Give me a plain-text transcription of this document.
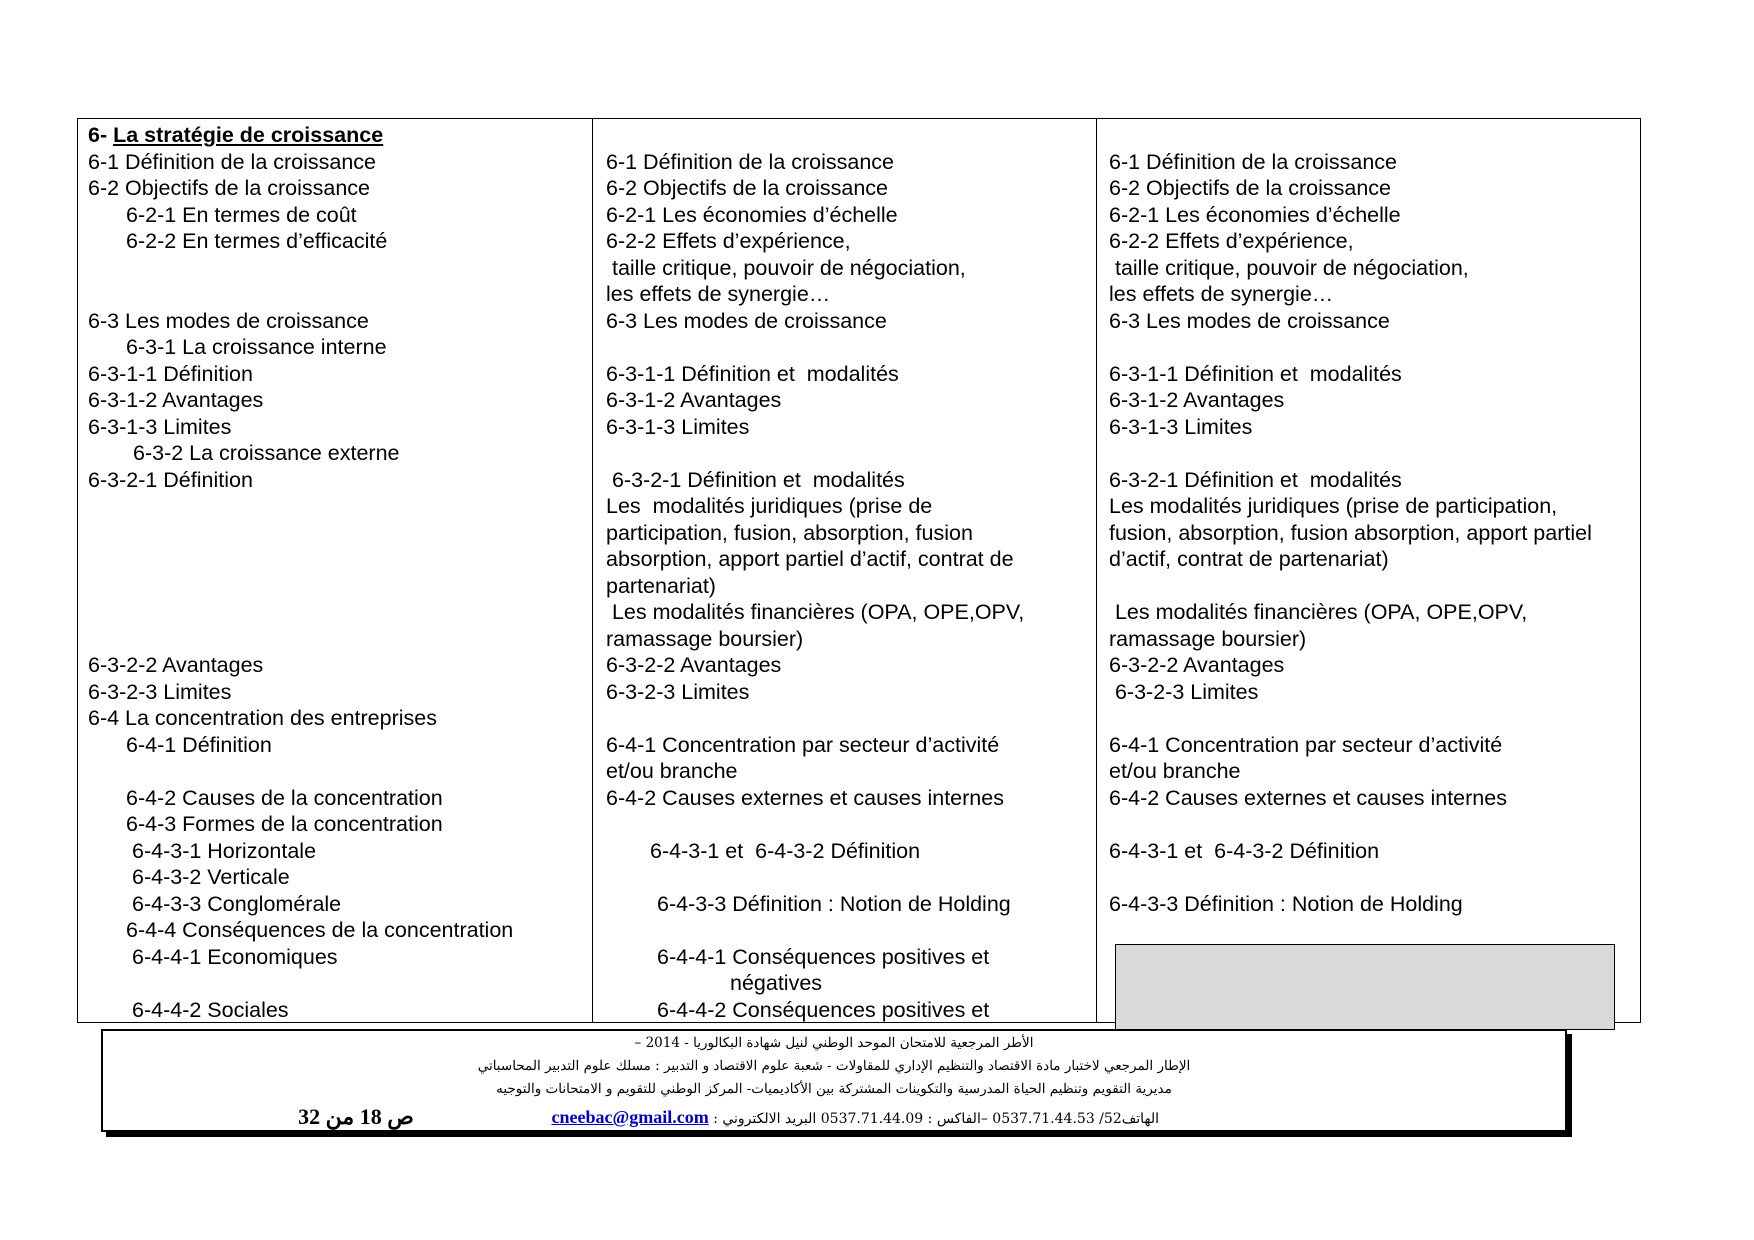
6- La stratégie de croissance
6-1 Définition de la croissance
6-2 Objectifs de la croissance
6-2-1 En termes de coût
6-2-2 En termes d’efficacité
6-3 Les modes de croissance
6-3-1 La croissance interne
6-3-1-1 Définition
6-3-1-2 Avantages
6-3-1-3 Limites
6-3-2 La croissance externe
6-3-2-1 Définition
6-3-2-2 Avantages
6-3-2-3 Limites
6-4 La concentration des entreprises
6-4-1 Définition
6-4-2 Causes de la concentration
6-4-3 Formes de la concentration
6-4-3-1 Horizontale
6-4-3-2 Verticale
6-4-3-3 Conglomérale
6-4-4 Conséquences de la concentration
6-4-4-1 Economiques
6-4-4-2 Sociales
6-1 Définition de la croissance
6-2 Objectifs de la croissance
6-2-1 Les économies d’échelle
6-2-2 Effets d’expérience,
taille critique, pouvoir de négociation,
les effets de synergie…
6-3 Les modes de croissance
6-3-1-1 Définition et  modalités
6-3-1-2 Avantages
6-3-1-3 Limites
6-3-2-1 Définition et  modalités
Les  modalités juridiques (prise de
participation, fusion, absorption, fusion
absorption, apport partiel d’actif, contrat de
partenariat)
Les modalités financières (OPA, OPE,OPV,
ramassage boursier)
6-3-2-2 Avantages
6-3-2-3 Limites
6-4-1 Concentration par secteur d’activité
et/ou branche
6-4-2 Causes externes et causes internes
6-4-3-1 et  6-4-3-2 Définition
6-4-3-3 Définition : Notion de Holding
6-4-4-1 Conséquences positives et
négatives
6-4-4-2 Conséquences positives et
6-1 Définition de la croissance
6-2 Objectifs de la croissance
6-2-1 Les économies d’échelle
6-2-2 Effets d’expérience,
taille critique, pouvoir de négociation,
les effets de synergie…
6-3 Les modes de croissance
6-3-1-1 Définition et  modalités
6-3-1-2 Avantages
6-3-1-3 Limites
6-3-2-1 Définition et  modalités
Les modalités juridiques (prise de participation,
fusion, absorption, fusion absorption, apport partiel
d’actif, contrat de partenariat)
Les modalités financières (OPA, OPE,OPV,
ramassage boursier)
6-3-2-2 Avantages
6-3-2-3 Limites
6-4-1 Concentration par secteur d’activité
et/ou branche
6-4-2 Causes externes et causes internes
6-4-3-1 et  6-4-3-2 Définition
6-4-3-3 Définition : Notion de Holding
الأطر المرجعية للامتحان الموحد الوطني لنيل شهادة البكالوريا - 2014 –
الإطار المرجعي لاختبار مادة الاقتصاد والتنظيم الإداري للمقاولات - شعبة علوم الاقتصاد و التدبير : مسلك علوم التدبير المحاسباتي
مديرية التقويم وتنظيم الحياة المدرسية والتكوينات المشتركة بين الأكاديميات- المركز الوطني للتقويم و الامتحانات والتوجيه
الهاتف52/ 0537.71.44.53 –الفاكس : 0537.71.44.09 البريد الالكتروني : cneebac@gmail.com
ص 18 من 32
